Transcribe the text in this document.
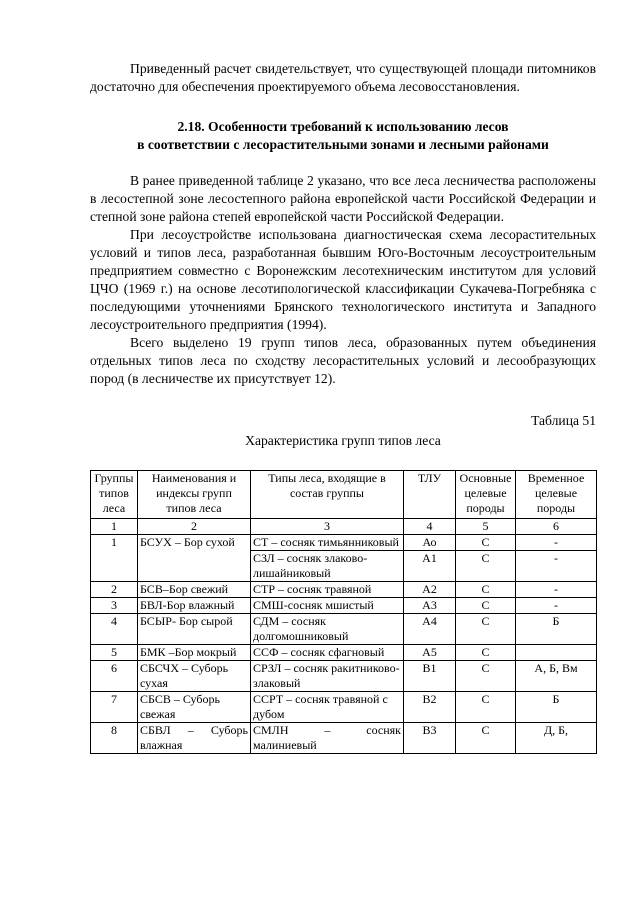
Приведенный расчет свидетельствует, что существующей площади питомников достаточно для обеспечения проектируемого объема лесовосстановления.

2.18. Особенности требований к использованию лесов
в соответствии с лесорастительными зонами и лесными районами

В ранее приведенной таблице 2 указано, что все леса лесничества расположены в лесостепной зоне лесостепного района европейской части Российской Федерации и степной зоне района степей европейской части Российской Федерации.

При лесоустройстве использована диагностическая схема лесорастительных условий и типов леса, разработанная бывшим Юго-Восточным лесоустроительным предприятием совместно с Воронежским лесотехническим институтом для условий ЦЧО (1969 г.) на основе лесотипологической классификации Сукачева-Погребняка с последующими уточнениями Брянского технологического института и Западного лесоустроительного предприятия (1994).

Всего выделено 19 групп типов леса, образованных путем объединения отдельных типов леса по сходству лесорастительных условий и лесообразующих пород (в лесничестве их присутствует 12).

Таблица 51
Характеристика групп типов леса
Группы типов леса	Наименования и индексы групп типов леса	Типы леса, входящие в состав группы	ТЛУ	Основные целевые породы	Временное целевые породы
1	2	3	4	5	6
1	БСУХ – Бор сухой	СТ – сосняк тимьянниковый	Ао	С	-
		СЗЛ – сосняк злаково-лишайниковый	А1	С	-
2	БСВ–Бор свежий	СТР – сосняк травяной	А2	С	-
3	БВЛ-Бор влажный	СМШ-сосняк мшистый	А3	С	-
4	БСЫР- Бор сырой	СДМ – сосняк долгомошниковый	А4	С	Б
5	БМК –Бор мокрый	ССФ – сосняк сфагновый	А5	С	
6	СБСЧХ – Суборь сухая	СРЗЛ – сосняк ракитниково-злаковый	В1	С	А, Б, Вм
7	СБСВ – Суборь свежая	ССРТ – сосняк травяной с дубом	В2	С	Б
8	СБВЛ – Суборь влажная	СМЛН – сосняк малиниевый	В3	С	Д, Б,
